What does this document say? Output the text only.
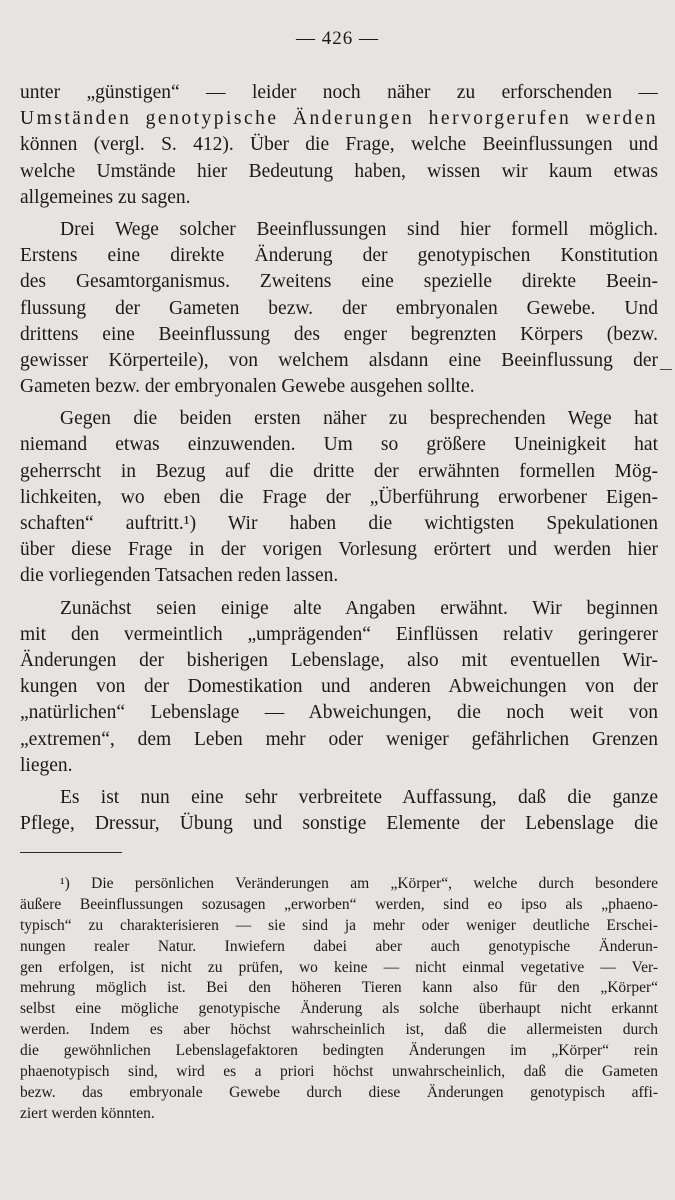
— 426 —
unter „günstigen“ — leider noch näher zu erforschenden —
Umständen genotypische Änderungen hervorgerufen werden
können (vergl. S. 412). Über die Frage, welche Beeinflussungen und
welche Umstände hier Bedeutung haben, wissen wir kaum etwas
allgemeines zu sagen.
Drei Wege solcher Beeinflussungen sind hier formell möglich.
Erstens eine direkte Änderung der genotypischen Konstitution
des Gesamtorganismus. Zweitens eine spezielle direkte Beein-
flussung der Gameten bezw. der embryonalen Gewebe. Und
drittens eine Beeinflussung des enger begrenzten Körpers (bezw.
gewisser Körperteile), von welchem alsdann eine Beeinflussung der
Gameten bezw. der embryonalen Gewebe ausgehen sollte.
Gegen die beiden ersten näher zu besprechenden Wege hat
niemand etwas einzuwenden. Um so größere Uneinigkeit hat
geherrscht in Bezug auf die dritte der erwähnten formellen Mög-
lichkeiten, wo eben die Frage der „Überführung erworbener Eigen-
schaften“ auftritt.¹) Wir haben die wichtigsten Spekulationen
über diese Frage in der vorigen Vorlesung erörtert und werden hier
die vorliegenden Tatsachen reden lassen.
Zunächst seien einige alte Angaben erwähnt. Wir beginnen
mit den vermeintlich „umprägenden“ Einflüssen relativ geringerer
Änderungen der bisherigen Lebenslage, also mit eventuellen Wir-
kungen von der Domestikation und anderen Abweichungen von der
„natürlichen“ Lebenslage — Abweichungen, die noch weit von
„extremen“, dem Leben mehr oder weniger gefährlichen Grenzen
liegen.
Es ist nun eine sehr verbreitete Auffassung, daß die ganze
Pflege, Dressur, Übung und sonstige Elemente der Lebenslage die
¹) Die persönlichen Veränderungen am „Körper“, welche durch besondere
äußere Beeinflussungen sozusagen „erworben“ werden, sind eo ipso als „phaeno-
typisch“ zu charakterisieren — sie sind ja mehr oder weniger deutliche Erschei-
nungen realer Natur. Inwiefern dabei aber auch genotypische Änderun-
gen erfolgen, ist nicht zu prüfen, wo keine — nicht einmal vegetative — Ver-
mehrung möglich ist. Bei den höheren Tieren kann also für den „Körper“
selbst eine mögliche genotypische Änderung als solche überhaupt nicht erkannt
werden. Indem es aber höchst wahrscheinlich ist, daß die allermeisten durch
die gewöhnlichen Lebenslagefaktoren bedingten Änderungen im „Körper“ rein
phaenotypisch sind, wird es a priori höchst unwahrscheinlich, daß die Gameten
bezw. das embryonale Gewebe durch diese Änderungen genotypisch affi-
ziert werden könnten.
